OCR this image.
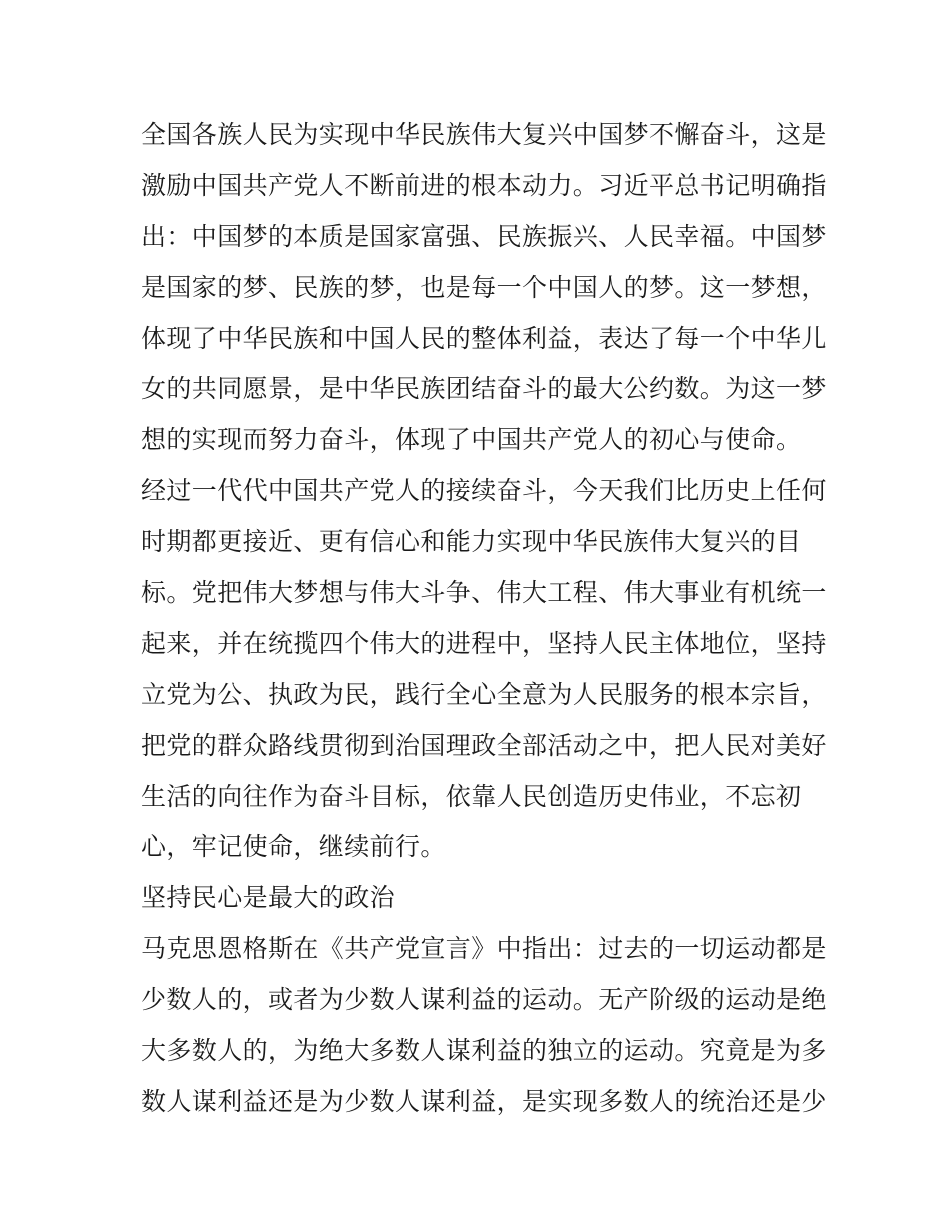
全国各族人民为实现中华民族伟大复兴中国梦不懈奋斗，这是
激励中国共产党人不断前进的根本动力。习近平总书记明确指
出：中国梦的本质是国家富强、民族振兴、人民幸福。中国梦
是国家的梦、民族的梦，也是每一个中国人的梦。这一梦想，
体现了中华民族和中国人民的整体利益，表达了每一个中华儿
女的共同愿景，是中华民族团结奋斗的最大公约数。为这一梦
想的实现而努力奋斗，体现了中国共产党人的初心与使命。
经过一代代中国共产党人的接续奋斗，今天我们比历史上任何
时期都更接近、更有信心和能力实现中华民族伟大复兴的目
标。党把伟大梦想与伟大斗争、伟大工程、伟大事业有机统一
起来，并在统揽四个伟大的进程中，坚持人民主体地位，坚持
立党为公、执政为民，践行全心全意为人民服务的根本宗旨，
把党的群众路线贯彻到治国理政全部活动之中，把人民对美好
生活的向往作为奋斗目标，依靠人民创造历史伟业，不忘初
心，牢记使命，继续前行。
坚持民心是最大的政治
马克思恩格斯在《共产党宣言》中指出：过去的一切运动都是
少数人的，或者为少数人谋利益的运动。无产阶级的运动是绝
大多数人的，为绝大多数人谋利益的独立的运动。究竟是为多
数人谋利益还是为少数人谋利益，是实现多数人的统治还是少
